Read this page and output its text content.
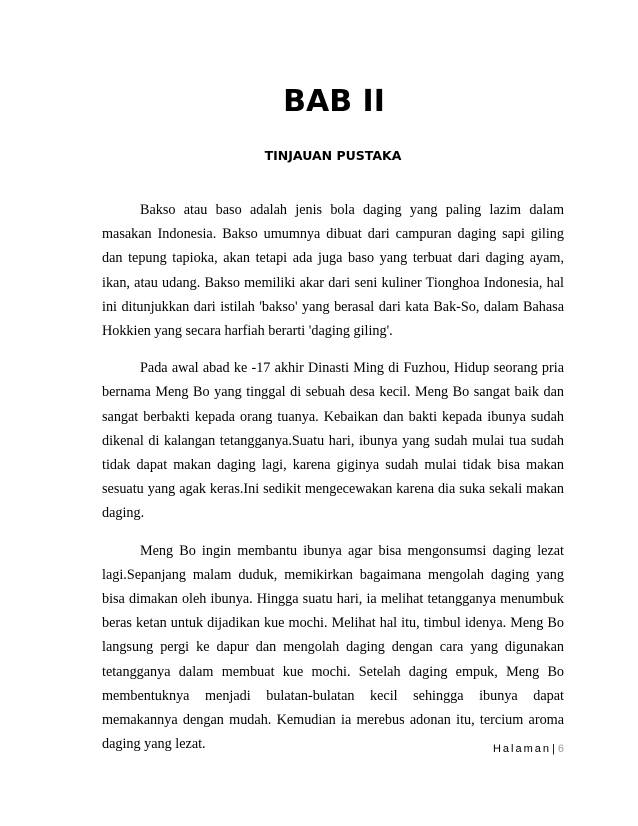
BAB II
TINJAUAN PUSTAKA

Bakso atau baso adalah jenis bola daging yang paling lazim dalam masakan Indonesia. Bakso umumnya dibuat dari campuran daging sapi giling dan tepung tapioka, akan tetapi ada juga baso yang terbuat dari daging ayam, ikan, atau udang. Bakso memiliki akar dari seni kuliner Tionghoa Indonesia, hal ini ditunjukkan dari istilah 'bakso' yang berasal dari kata Bak-So, dalam Bahasa Hokkien yang secara harfiah berarti 'daging giling'.

Pada awal abad ke -17 akhir Dinasti Ming di Fuzhou, Hidup seorang pria bernama Meng Bo yang tinggal di sebuah desa kecil. Meng Bo sangat baik dan sangat berbakti kepada orang tuanya. Kebaikan dan bakti kepada ibunya sudah dikenal di kalangan tetangganya.Suatu hari, ibunya yang sudah mulai tua sudah tidak dapat makan daging lagi, karena giginya sudah mulai tidak bisa makan sesuatu yang agak keras.Ini sedikit mengecewakan karena dia suka sekali makan daging.

Meng Bo ingin membantu ibunya agar bisa mengonsumsi daging lezat lagi.Sepanjang malam duduk, memikirkan bagaimana mengolah daging yang bisa dimakan oleh ibunya. Hingga suatu hari, ia melihat tetangganya menumbuk beras ketan untuk dijadikan kue mochi. Melihat hal itu, timbul idenya. Meng Bo langsung pergi ke dapur dan mengolah daging dengan cara yang digunakan tetangganya dalam membuat kue mochi. Setelah daging empuk, Meng Bo membentuknya menjadi bulatan-bulatan kecil sehingga ibunya dapat memakannya dengan mudah. Kemudian ia merebus adonan itu, tercium aroma daging yang lezat.	Halaman| 6
